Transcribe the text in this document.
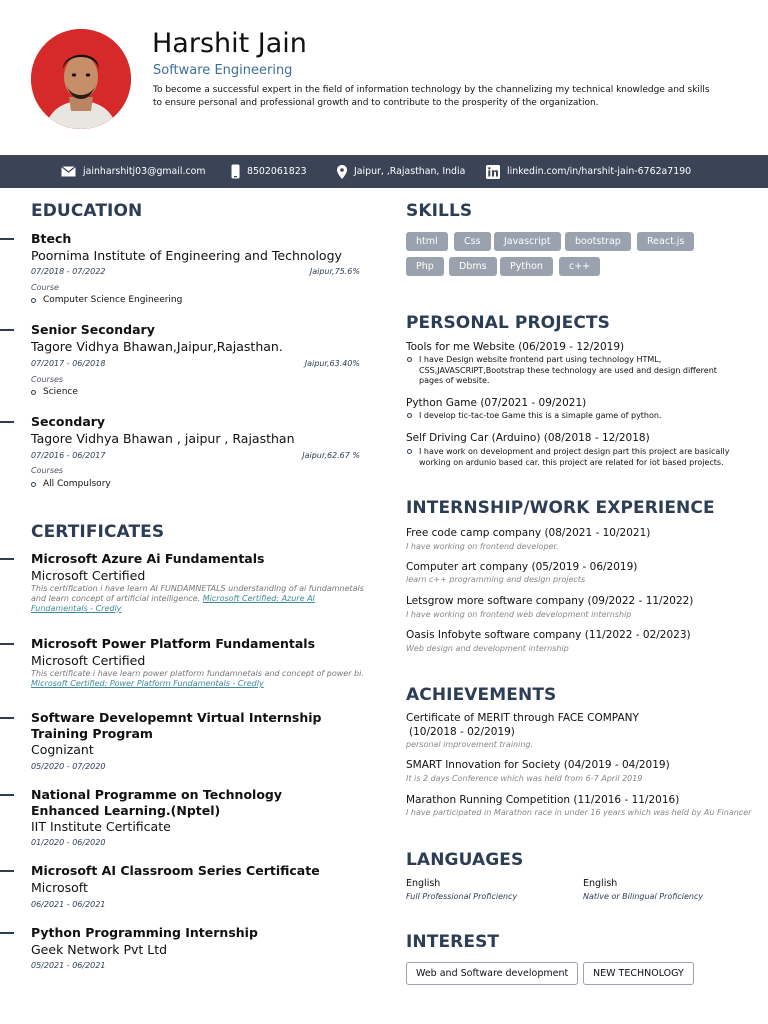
Harshit Jain
Software Engineering
To become a successful expert in the field of information technology by the channelizing my technical knowledge and skills to ensure personal and professional growth and to contribute to the prosperity of the organization.
jainharshitj03@gmail.com	8502061823	Jaipur, ,Rajasthan, India	linkedin.com/in/harshit-jain-6762a7190
EDUCATION
Btech
Poornima Institute of Engineering and Technology
07/2018 - 07/2022	Jaipur,75.6%
Course
Computer Science Engineering
Senior Secondary
Tagore Vidhya Bhawan,Jaipur,Rajasthan.
07/2017 - 06/2018	Jaipur,63.40%
Courses
Science
Secondary
Tagore Vidhya Bhawan , jaipur , Rajasthan
07/2016 - 06/2017	Jaipur,62.67 %
Courses
All Compulsory
CERTIFICATES
Microsoft Azure Ai Fundamentals
Microsoft Certified
This certification i have learn AI FUNDAMNETALS understanding of ai fundamnetals and learn concept of artificial intelligence. Microsoft Certified: Azure AI Fundamentals - Credly
Microsoft Power Platform Fundamentals
Microsoft Certified
This certificate i have learn power platform fundamnetals and concept of power bi.
Microsoft Certified: Power Platform Fundamentals - Credly
Software Developemnt Virtual Internship Training Program
Cognizant
05/2020 - 07/2020
National Programme on Technology Enhanced Learning.(Nptel)
IIT Institute Certificate
01/2020 - 06/2020
Microsoft AI Classroom Series Certificate
Microsoft
06/2021 - 06/2021
Python Programming Internship
Geek Network Pvt Ltd
05/2021 - 06/2021
SKILLS
html	Css	Javascript	bootstrap	React.js
Php	Dbms	Python	c++
PERSONAL PROJECTS
Tools for me Website (06/2019 - 12/2019)
I have Design website frontend part using technology HTML, CSS,JAVASCRIPT,Bootstrap these technology are used and design different pages of website.
Python Game (07/2021 - 09/2021)
I develop tic-tac-toe Game this is a simaple game of python.
Self Driving Car (Arduino) (08/2018 - 12/2018)
I have work on development and project design part this project are basically working on ardunio based car. this project are related for iot based projects.
INTERNSHIP/WORK EXPERIENCE
Free code camp company (08/2021 - 10/2021)
I have working on frontend developer.
Computer art company (05/2019 - 06/2019)
learn c++ programming and design projects
Letsgrow more software company (09/2022 - 11/2022)
I have working on frontend web development internship
Oasis Infobyte software company (11/2022 - 02/2023)
Web design and development internship
ACHIEVEMENTS
Certificate of MERIT through FACE COMPANY
(10/2018 - 02/2019)
personal improvement training.
SMART Innovation for Society (04/2019 - 04/2019)
It is 2 days Conference which was held from 6-7 April 2019
Marathon Running Competition (11/2016 - 11/2016)
I have participated in Marathon race in under 16 years which was held by Au Financer
LANGUAGES
English
Full Professional Proficiency
English
Native or Bilingual Proficiency
INTEREST
Web and Software development	NEW TECHNOLOGY
